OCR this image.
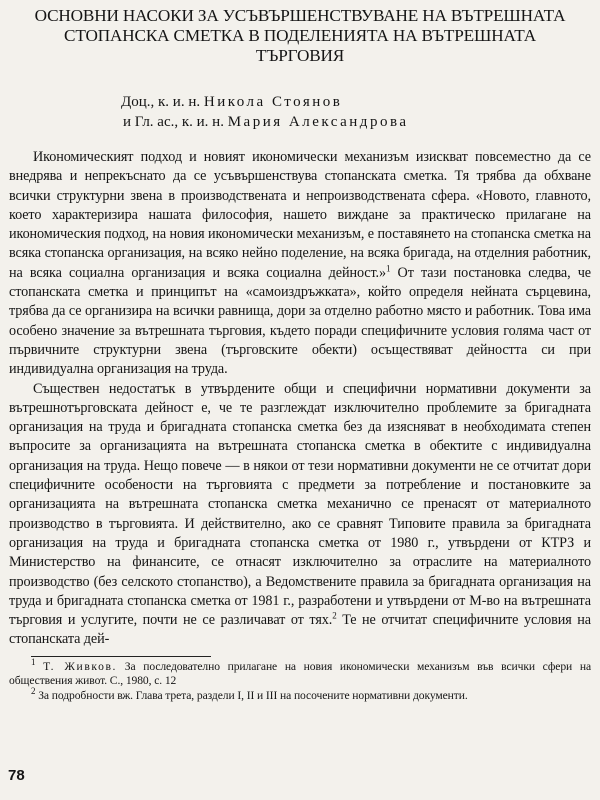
ОСНОВНИ НАСОКИ ЗА УСЪВЪРШЕНСТВУВАНЕ НА ВЪТРЕШНАТА
СТОПАНСКА СМЕТКА В ПОДЕЛЕНИЯТА НА ВЪТРЕШНАТА
ТЪРГОВИЯ
Доц., к. и. н. Никола Стоянов
и Гл. ас., к. и. н. Мария Александрова

Икономическият подход и новият икономически механизъм изискват повсеместно да се внедрява и непрекъснато да се усъвършенствува стопанската сметка. Тя трябва да обхване всички структурни звена в производствената и непроизводствената сфера. «Новото, главното, което характеризира нашата философия, нашето виждане за практическо прилагане на икономическия подход, на новия икономически механизъм, е поставянето на стопанска сметка на всяка стопанска организация, на всяко нейно поделение, на всяка бригада, на отделния работник, на всяка социална организация и всяка социална дейност.»$^1$ От тази постановка следва, че стопанската сметка и принципът на «самоиздръжката», който определя нейната сърцевина, трябва да се организира на всички равнища, дори за отделно работно място и работник. Това има особено значение за вътрешната търговия, където поради специфичните условия голяма част от първичните структурни звена (търговските обекти) осъществяват дейността си при индивидуална организация на труда.

Съществен недостатък в утвърдените общи и специфични нормативни документи за вътрешнотърговската дейност е, че те разглеждат изключително проблемите за бригадната организация на труда и бригадната стопанска сметка без да изясняват в необходимата степен въпросите за организацията на вътрешната стопанска сметка в обектите с индивидуална организация на труда. Нещо повече — в някои от тези нормативни документи не се отчитат дори специфичните особености на търговията с предмети за потребление и постановките за организацията на вътрешната стопанска сметка механично се пренасят от материалното производство в търговията. И действително, ако се сравнят Типовите правила за бригадната организация на труда и бригадната стопанска сметка от 1980 г., утвърдени от КТРЗ и Министерство на финансите, се отнасят изключително за отраслите на материалното производство (без селското стопанство), а Ведомствените правила за бригадната организация на труда и бригадната стопанска сметка от 1981 г., разработени и утвърдени от М-во на вътрешната търговия и услугите, почти не се различават от тях.$^2$ Те не отчитат специфичните условия на стопанската дей-

$^1$ Т. Живков. За последователно прилагане на новия икономически механизъм във всички сфери на обществения живот. С., 1980, с. 12

$^2$ За подробности вж. Глава трета, раздели I, II и III на посочените нормативни документи.

78
